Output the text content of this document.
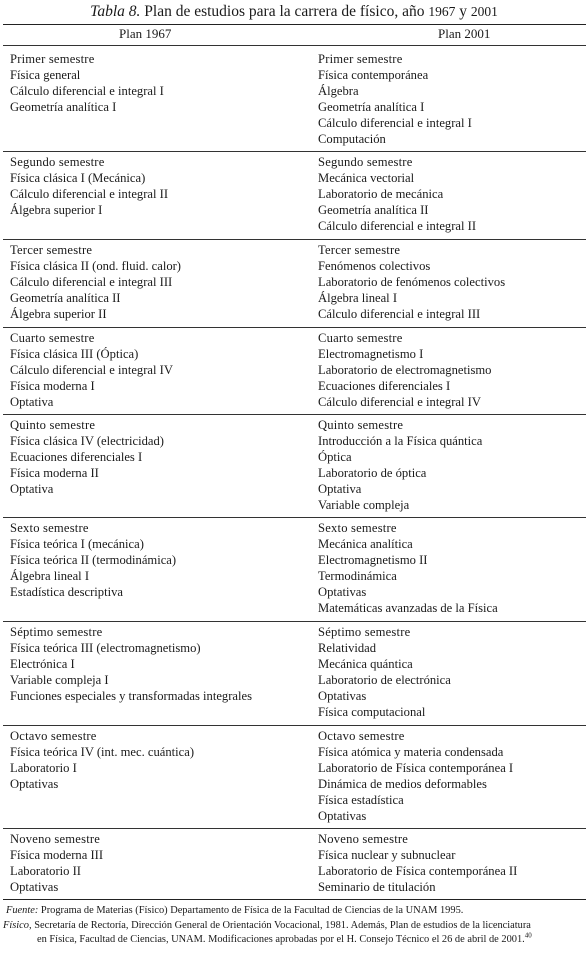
Tabla 8. Plan de estudios para la carrera de físico, año 1967 y 2001
Plan 1967	Plan 2001
Primer semestre
Física general
Cálculo diferencial e integral I
Geometría analítica I
Primer semestre
Física contemporánea
Álgebra
Geometría analítica I
Cálculo diferencial e integral I
Computación
Segundo semestre
Física clásica I (Mecánica)
Cálculo diferencial e integral II
Álgebra superior I
Segundo semestre
Mecánica vectorial
Laboratorio de mecánica
Geometría analítica II
Cálculo diferencial e integral II
Tercer semestre
Física clásica II (ond. fluid. calor)
Cálculo diferencial e integral III
Geometría analítica II
Álgebra superior II
Tercer semestre
Fenómenos colectivos
Laboratorio de fenómenos colectivos
Álgebra lineal I
Cálculo diferencial e integral III
Cuarto semestre
Física clásica III (Óptica)
Cálculo diferencial e integral IV
Física moderna I
Optativa
Cuarto semestre
Electromagnetismo I
Laboratorio de electromagnetismo
Ecuaciones diferenciales I
Cálculo diferencial e integral IV
Quinto semestre
Física clásica IV (electricidad)
Ecuaciones diferenciales I
Física moderna II
Optativa
Quinto semestre
Introducción a la Física quántica
Óptica
Laboratorio de óptica
Optativa
Variable compleja
Sexto semestre
Física teórica I (mecánica)
Física teórica II (termodinámica)
Álgebra lineal I
Estadística descriptiva
Sexto semestre
Mecánica analítica
Electromagnetismo II
Termodinámica
Optativas
Matemáticas avanzadas de la Física
Séptimo semestre
Física teórica III (electromagnetismo)
Electrónica I
Variable compleja I
Funciones especiales y transformadas integrales
Séptimo semestre
Relatividad
Mecánica quántica
Laboratorio de electrónica
Optativas
Física computacional
Octavo semestre
Física teórica IV (int. mec. cuántica)
Laboratorio I
Optativas
Octavo semestre
Física atómica y materia condensada
Laboratorio de Física contemporánea I
Dinámica de medios deformables
Física estadística
Optativas
Noveno semestre
Física moderna III
Laboratorio II
Optativas
Noveno semestre
Física nuclear y subnuclear
Laboratorio de Física contemporánea II
Seminario de titulación
Fuente: Programa de Materias (Físico) Departamento de Física de la Facultad de Ciencias de la UNAM 1995.
Físico, Secretaría de Rectoría, Dirección General de Orientación Vocacional, 1981. Además, Plan de estudios de la licenciatura
en Física, Facultad de Ciencias, UNAM. Modificaciones aprobadas por el H. Consejo Técnico el 26 de abril de 2001.40
